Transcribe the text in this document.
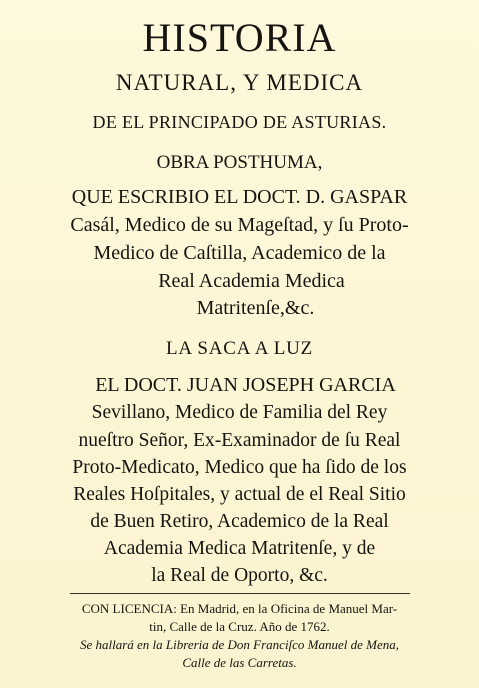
HISTORIA
NATURAL, Y MEDICA
DE EL PRINCIPADO DE ASTURIAS.
OBRA POSTHUMA,
QUE ESCRIBIO EL DOCT. D. GASPAR
Casál, Medico de su Mageſtad, y ſu Proto-
Medico de Caſtilla, Academico de la
Real Academia Medica
Matritenſe,&c.
LA SACA A LUZ
EL DOCT. JUAN JOSEPH GARCIA
Sevillano, Medico de Familia del Rey
nueſtro Señor, Ex-Examinador de ſu Real
Proto-Medicato, Medico que ha ſido de los
Reales Hoſpitales, y actual de el Real Sitio
de Buen Retiro, Academico de la Real
Academia Medica Matritenſe, y de
la Real de Oporto, &c.
CON LICENCIA: En Madrid, en la Oficina de Manuel Mar-
tin, Calle de la Cruz. Año de 1762.
Se hallará en la Libreria de Don Franciſco Manuel de Mena,
Calle de las Carretas.
